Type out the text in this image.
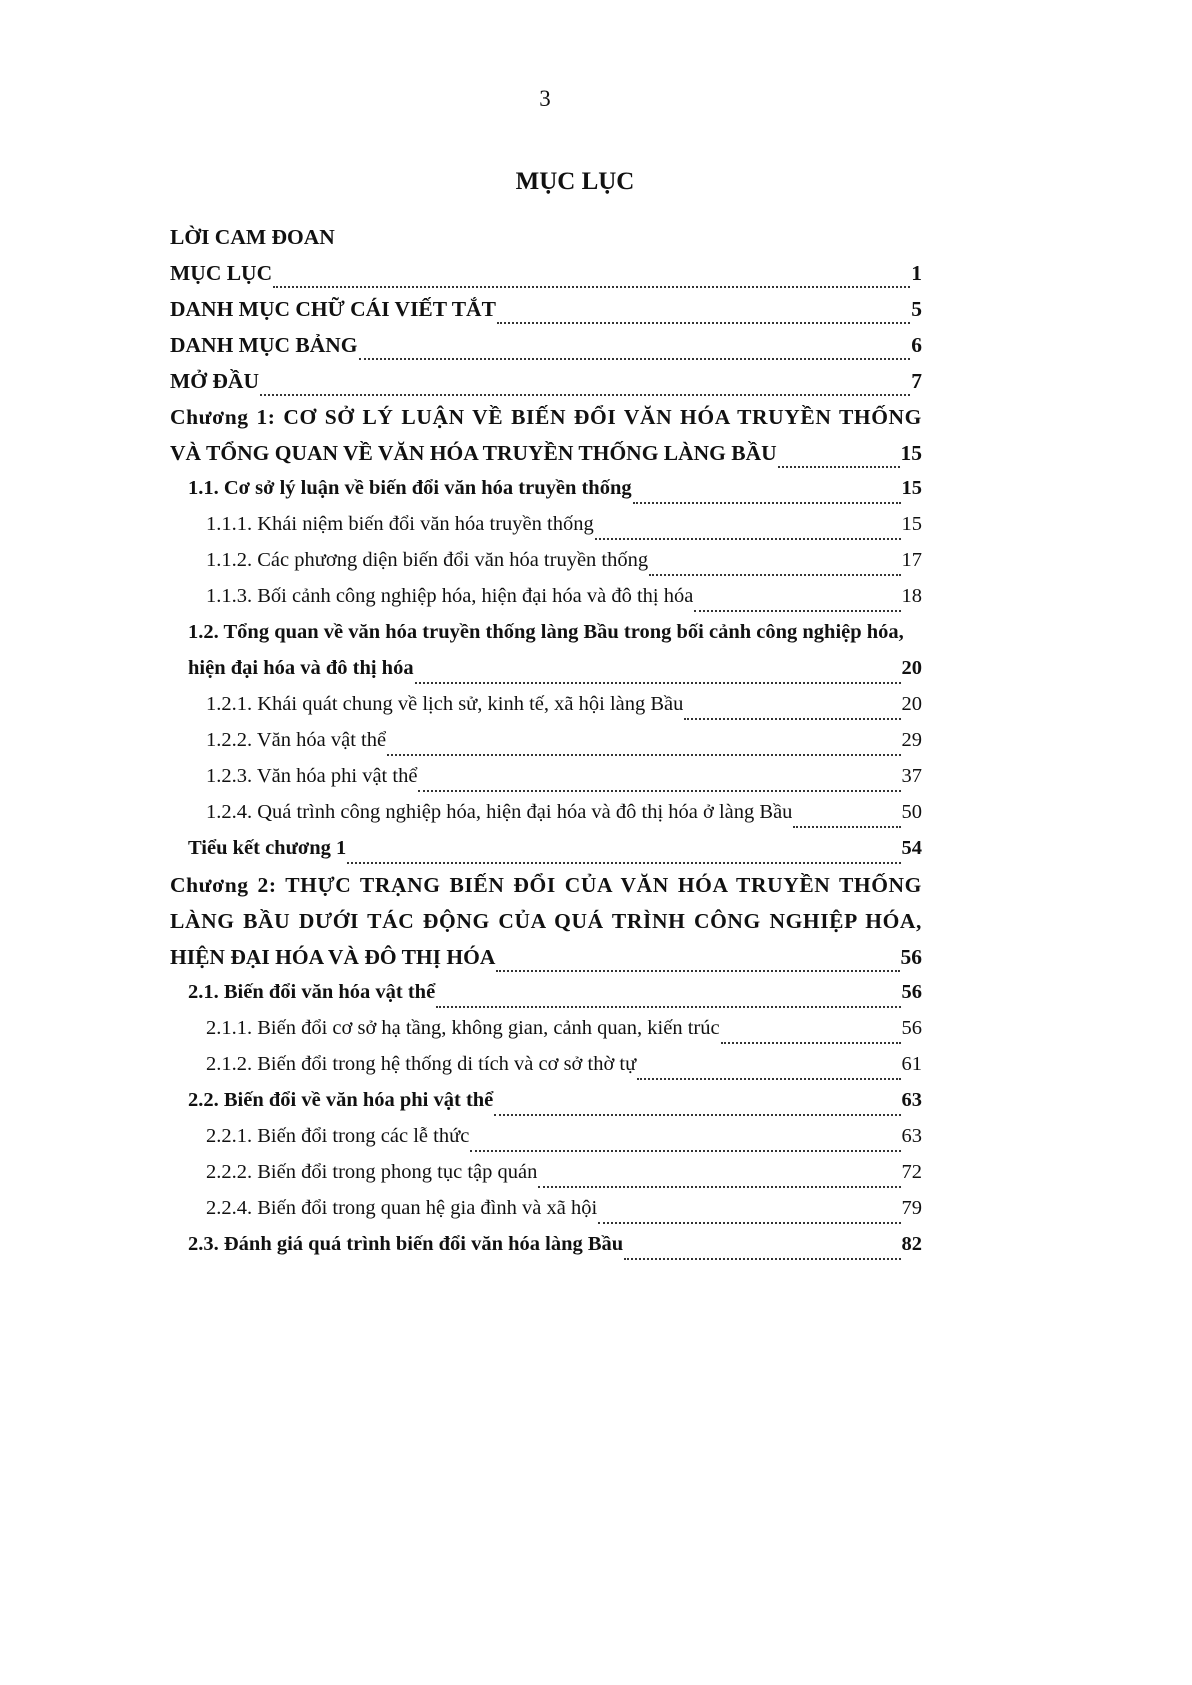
3
MỤC LỤC
LỜI CAM ĐOAN
MỤC LỤC	1
DANH MỤC CHỮ CÁI VIẾT TẮT	5
DANH MỤC BẢNG	6
MỞ ĐẦU	7
Chương 1: CƠ SỞ LÝ LUẬN VỀ BIẾN ĐỔI VĂN HÓA TRUYỀN THỐNG
VÀ TỔNG QUAN VỀ VĂN HÓA TRUYỀN THỐNG LÀNG BẦU	15
1.1. Cơ sở lý luận về biến đổi văn hóa truyền thống	15
1.1.1. Khái niệm biến đổi văn hóa truyền thống	15
1.1.2. Các phương diện biến đổi văn hóa truyền thống	17
1.1.3. Bối cảnh công nghiệp hóa, hiện đại hóa và đô thị hóa	18
1.2. Tổng quan về văn hóa truyền thống làng Bầu trong bối cảnh công nghiệp hóa,
hiện đại hóa và đô thị hóa	20
1.2.1. Khái quát chung về lịch sử, kinh tế, xã hội làng Bầu	20
1.2.2. Văn hóa vật thể	29
1.2.3. Văn hóa phi vật thể	37
1.2.4. Quá trình công nghiệp hóa, hiện đại hóa và đô thị hóa ở làng Bầu	50
Tiểu kết chương 1	54
Chương 2: THỰC TRẠNG BIẾN ĐỔI CỦA VĂN HÓA TRUYỀN THỐNG
LÀNG BẦU DƯỚI TÁC ĐỘNG CỦA QUÁ TRÌNH CÔNG NGHIỆP HÓA,
HIỆN ĐẠI HÓA VÀ ĐÔ THỊ HÓA	56
2.1. Biến đổi văn hóa vật thể	56
2.1.1. Biến đổi cơ sở hạ tầng, không gian, cảnh quan, kiến trúc	56
2.1.2. Biến đổi trong hệ thống di tích và cơ sở thờ tự	61
2.2. Biến đổi về văn hóa phi vật thể	63
2.2.1. Biến đổi trong các lễ thức	63
2.2.2. Biến đổi trong phong tục tập quán	72
2.2.4. Biến đổi trong quan hệ gia đình và xã hội	79
2.3. Đánh giá quá trình biến đổi văn hóa làng Bầu	82
